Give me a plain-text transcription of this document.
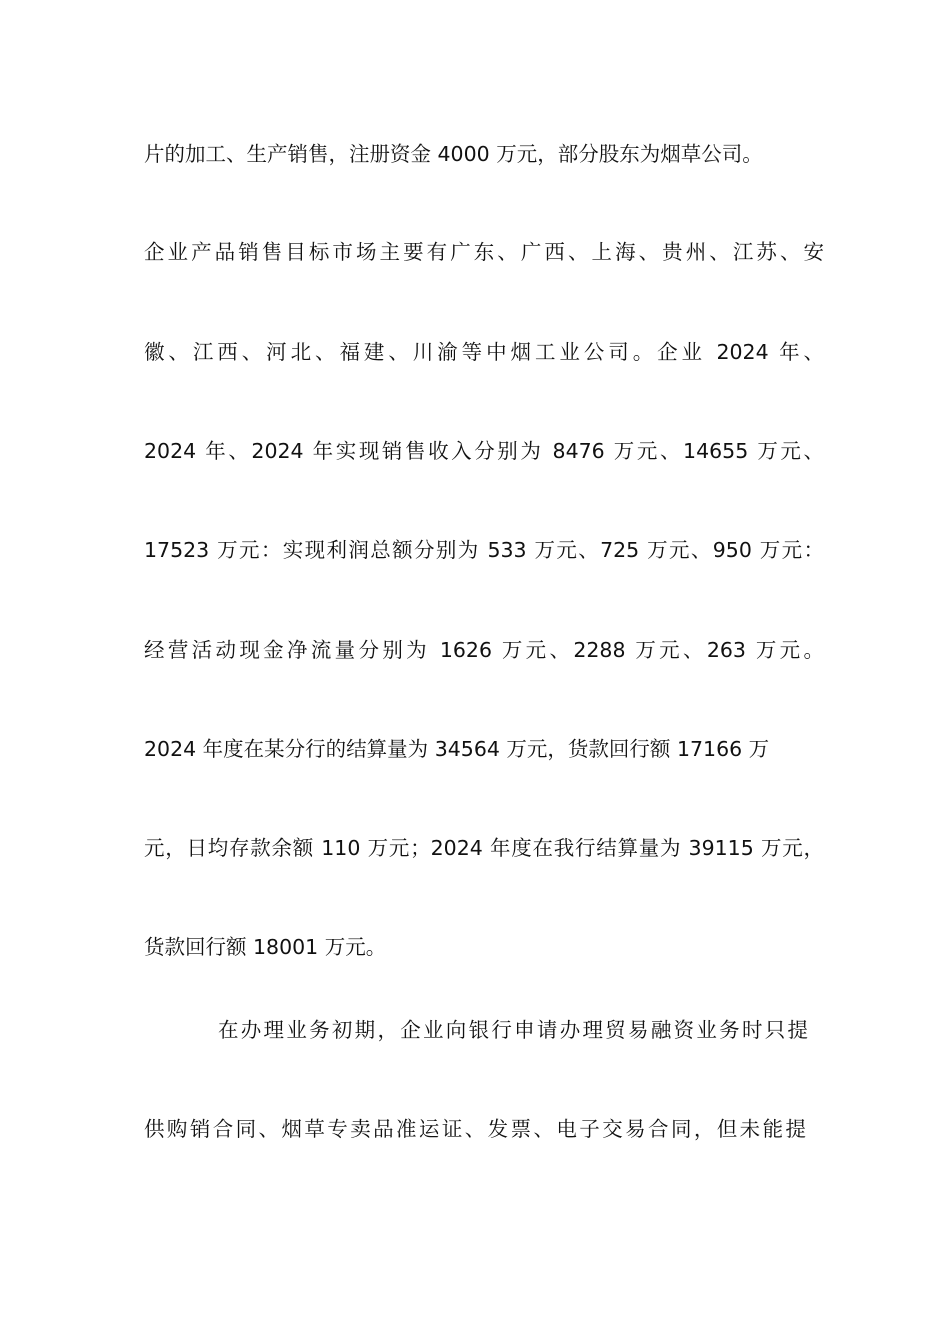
片的加工、生产销售，注册资金 4000 万元，部分股东为烟草公司。
企业产品销售目标市场主要有广东、广西、上海、贵州、江苏、安
徽、江西、河北、福建、川渝等中烟工业公司。企业 2024 年、
2024 年、2024 年实现销售收入分别为 8476 万元、14655 万元、
17523 万元：实现利润总额分别为 533 万元、725 万元、950 万元：
经营活动现金净流量分别为 1626 万元、2288 万元、263 万元。
2024 年度在某分行的结算量为 34564 万元，货款回行额 17166 万
元，日均存款余额 110 万元；2024 年度在我行结算量为 39115 万元，
货款回行额 18001 万元。
在办理业务初期，企业向银行申请办理贸易融资业务时只提
供购销合同、烟草专卖品准运证、发票、电子交易合同，但未能提
